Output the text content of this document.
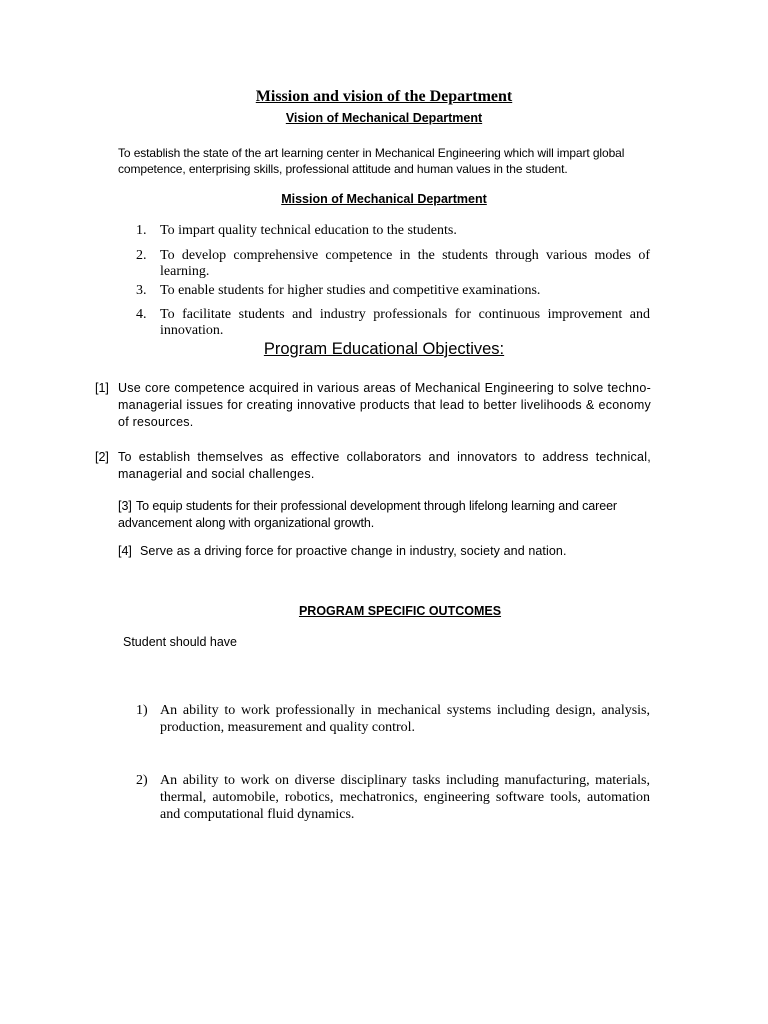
Mission and vision of the Department
Vision of Mechanical Department
To establish the state of the art learning center in Mechanical Engineering which will impart global competence, enterprising skills, professional attitude and human values in the student.
Mission of Mechanical Department
1. To impart quality technical education to the students.
2. To develop comprehensive competence in the students through various modes of learning.
3. To enable students for higher studies and competitive examinations.
4. To facilitate students and industry professionals for continuous improvement and innovation.
Program Educational Objectives:
[1] Use core competence acquired in various areas of Mechanical Engineering to solve techno-managerial issues for creating innovative products that lead to better livelihoods & economy of resources.
[2] To establish themselves as effective collaborators and innovators to address technical, managerial and social challenges.
[3] To equip students for their professional development through lifelong learning and career advancement along with organizational growth.
[4] Serve as a driving force for proactive change in industry, society and nation.
PROGRAM SPECIFIC OUTCOMES
Student should have
1) An ability to work professionally in mechanical systems including design, analysis, production, measurement and quality control.
2) An ability to work on diverse disciplinary tasks including manufacturing, materials, thermal, automobile, robotics, mechatronics, engineering software tools, automation and computational fluid dynamics.
